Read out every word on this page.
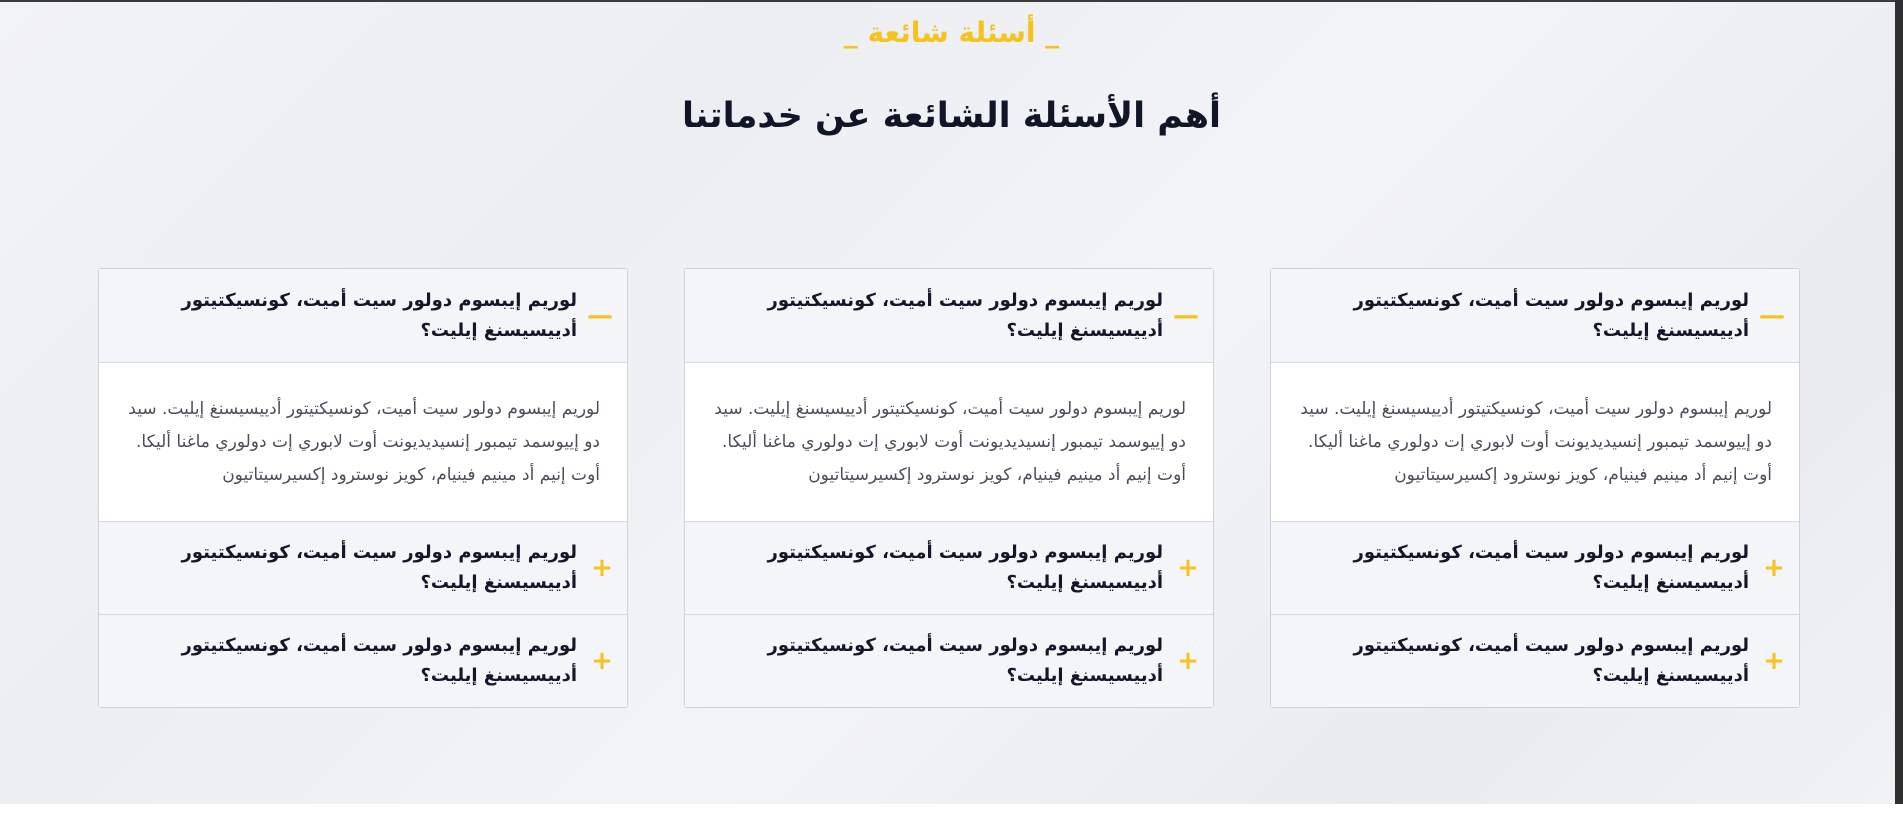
_ أسئلة شائعة _
أهم الأسئلة الشائعة عن خدماتنا
—
لوريم إيبسوم دولور سيت أميت، كونسيكتيتور أدييسيسنغ إيليت؟
لوريم إيبسوم دولور سيت أميت، كونسيكتيتور أدييسيسنغ إيليت. سيد دو إييوسمد تيمبور إنسيديديونت أوت لابوري إت دولوري ماغنا أليكا. أوت إنيم أد مينيم فينيام، كويز نوسترود إكسيرسيتاتيون
+
لوريم إيبسوم دولور سيت أميت، كونسيكتيتور أدييسيسنغ إيليت؟
+
لوريم إيبسوم دولور سيت أميت، كونسيكتيتور أدييسيسنغ إيليت؟
—
لوريم إيبسوم دولور سيت أميت، كونسيكتيتور أدييسيسنغ إيليت؟
لوريم إيبسوم دولور سيت أميت، كونسيكتيتور أدييسيسنغ إيليت. سيد دو إييوسمد تيمبور إنسيديديونت أوت لابوري إت دولوري ماغنا أليكا. أوت إنيم أد مينيم فينيام، كويز نوسترود إكسيرسيتاتيون
+
لوريم إيبسوم دولور سيت أميت، كونسيكتيتور أدييسيسنغ إيليت؟
+
لوريم إيبسوم دولور سيت أميت، كونسيكتيتور أدييسيسنغ إيليت؟
—
لوريم إيبسوم دولور سيت أميت، كونسيكتيتور أدييسيسنغ إيليت؟
لوريم إيبسوم دولور سيت أميت، كونسيكتيتور أدييسيسنغ إيليت. سيد دو إييوسمد تيمبور إنسيديديونت أوت لابوري إت دولوري ماغنا أليكا. أوت إنيم أد مينيم فينيام، كويز نوسترود إكسيرسيتاتيون
+
لوريم إيبسوم دولور سيت أميت، كونسيكتيتور أدييسيسنغ إيليت؟
+
لوريم إيبسوم دولور سيت أميت، كونسيكتيتور أدييسيسنغ إيليت؟
